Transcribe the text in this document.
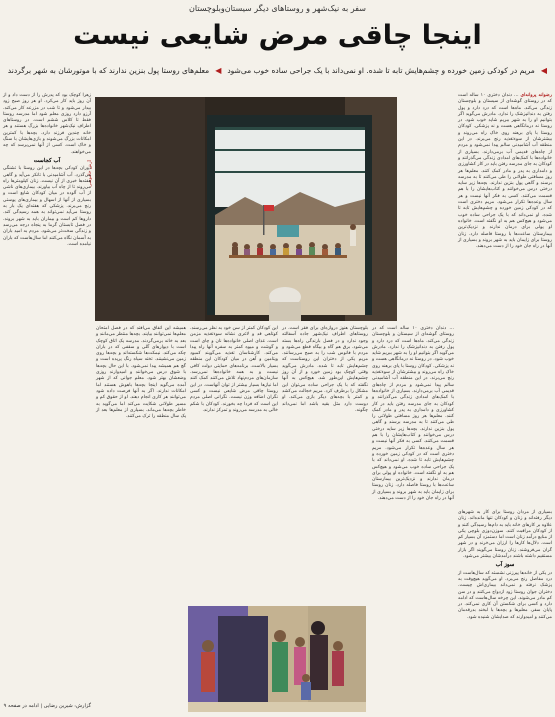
سفر به نیک‌شهر و روستاهای دیگر سیستان‌وبلوچستان
اینجا چاقی مرض شایعی نیست
◀
مریم در کودکی زمین خورده و چشم‌هایش تابه تا شده. او نمی‌داند با یک جراحی ساده خوب می‌شود
◀
معلم‌های روستا پول بنزین ندارند که با موتورشان به شهر برگردند
آرش خاموشی
رضوانه پروانه‌ای … دندان دختری ۱۰ ساله است که در روستای گوشه‌ای از سیستان و بلوچستان زندگی می‌کند. ماه‌ها است که درد دارد و پول رفتن به دندانپزشک را ندارد. مادرش می‌گوید اگر بتوانیم او را به شهر ببریم شاید خوب شود. در روستا نه درمانگاهی هست و نه پزشکی. کودکان روستا با پای برهنه روی خاک راه می‌روند و بیشترشان از سوءتغذیه رنج می‌برند. در این منطقه آب آشامیدنی سالم پیدا نمی‌شود و مردم از چاه‌های قدیمی آب برمی‌دارند. بسیاری از خانواده‌ها با کمک‌های امدادی زندگی می‌گذرانند و کودکان به جای مدرسه رفتن باید در کار کشاورزی و دامداری به پدر و مادر کمک کنند. معلم‌ها هر روز مسافتی طولانی را طی می‌کنند تا به مدرسه برسند و گاهی پول بنزین ندارند. بچه‌ها زیر سایه درختی درس می‌خوانند و کتاب‌هایشان را با هم قسمت می‌کنند. کسی به فکر آنها نیست و هر سال وعده‌ها تکرار می‌شود. مریم دختری است که در کودکی زمین خورده و چشم‌هایش تابه تا شده. او نمی‌داند که با یک جراحی ساده خوب می‌شود و هیچ‌کس هم به او نگفته است. خانواده او پولی برای درمان ندارند و نزدیک‌ترین بیمارستان ساعت‌ها با روستا فاصله دارد. زنان روستا برای زایمان باید به شهر بروند و بسیاری از آنها در راه جان خود را از دست می‌دهند.
بسیاری از مردان روستا برای کار به شهرهای دیگر رفته‌اند و زنان و کودکان تنها مانده‌اند. زنان علاوه بر کارهای خانه باید به دام‌ها رسیدگی کنند و از کودکان مراقبت کنند. سوزن‌دوزی بلوچی یکی از منابع درآمد زنان است اما دستمزد آن بسیار کم است. دلال‌ها کارها را ارزان می‌خرند و در شهر گران می‌فروشند. زنان روستا می‌گویند اگر بازار مستقیم داشته باشند درآمدشان بیشتر می‌شود.
سوز‌ آب
در یکی از خانه‌ها پیرزنی نشسته که سال‌هاست از درد مفاصل رنج می‌برد. او می‌گوید هیچ‌وقت به پزشک نرفته و نمی‌داند بیماری‌اش چیست. دختران جوان روستا زود ازدواج می‌کنند و در سن کم مادر می‌شوند. این چرخه سال‌هاست که ادامه دارد و کسی برای شکستن آن کاری نمی‌کند. در پایان سفر، معلم‌ها و بچه‌ها با لبخند بدرقه‌مان می‌کنند و امیدوارند که صدایشان شنیده شود.
… دندان دختری ۱۰ ساله است که در روستای گوشه‌ای از سیستان و بلوچستان زندگی می‌کند. ماه‌ها است که درد دارد و پول رفتن به دندانپزشک را ندارد. مادرش می‌گوید اگر بتوانیم او را به شهر ببریم شاید خوب شود. در روستا نه درمانگاهی هست و نه پزشکی. کودکان روستا با پای برهنه روی خاک راه می‌روند و بیشترشان از سوءتغذیه رنج می‌برند. در این منطقه آب آشامیدنی سالم پیدا نمی‌شود و مردم از چاه‌های قدیمی آب برمی‌دارند. بسیاری از خانواده‌ها با کمک‌های امدادی زندگی می‌گذرانند و کودکان به جای مدرسه رفتن باید در کار کشاورزی و دامداری به پدر و مادر کمک کنند. معلم‌ها هر روز مسافتی طولانی را طی می‌کنند تا به مدرسه برسند و گاهی پول بنزین ندارند. بچه‌ها زیر سایه درختی درس می‌خوانند و کتاب‌هایشان را با هم قسمت می‌کنند. کسی به فکر آنها نیست و هر سال وعده‌ها تکرار می‌شود. مریم دختری است که در کودکی زمین خورده و چشم‌هایش تابه تا شده. او نمی‌داند که با یک جراحی ساده خوب می‌شود و هیچ‌کس هم به او نگفته است. خانواده او پولی برای درمان ندارند و نزدیک‌ترین بیمارستان ساعت‌ها با روستا فاصله دارد. زنان روستا برای زایمان باید به شهر بروند و بسیاری از آنها در راه جان خود را از دست می‌دهند.
بلوچستان هنوز دروازه‌ای برای فقر است. در روستاهای اطراف نیک‌شهر جاده آسفالته وجود ندارد و در فصل بارندگی راه‌ها بسته می‌شود. برق هم گاه و بیگاه قطع می‌شود و مردم با فانوس شب را به صبح می‌رسانند. مریم یکی از دختران این روستاست که چشم‌هایش تابه تا شده. مادرش می‌گوید وقتی کوچک بود زمین خورد و از آن روز چشم‌هایش این‌طور شد. هیچ‌کس به آنها نگفته که با یک جراحی ساده می‌توان این مشکل را برطرف کرد. مریم خجالت می‌کشد و کمتر با بچه‌های دیگر بازی می‌کند. او دوست دارد مثل بقیه باشد اما نمی‌داند چگونه.
این کودکان کمتر از سن خود به نظر می‌رسند. کوتاهی قد و لاغری نشانه سوءتغذیه مزمن است. غذای اصلی خانواده‌ها نان و چای است و گوشت و میوه کمتر به سفره آنها راه پیدا می‌کند. کارشناسان تغذیه می‌گویند کمبود ویتامین و آهن در میان کودکان این منطقه بسیار بالاست. برنامه‌های حمایتی دولت کافی نیست و به همه خانواده‌ها نمی‌رسد. سازمان‌های مردم‌نهاد تلاش می‌کنند کمک کنند اما نیازها بسیار بیشتر از توان آنهاست. در این روستا چاقی مرض شایعی نیست و کسی نگران اضافه وزن نیست. نگرانی اصلی مردم این است که فردا چه بخورند. کودکان با شکم خالی به مدرسه می‌روند و تمرکز ندارند.
همیشه این اتفاق می‌افتد که در فصل امتحان معلم‌ها نمی‌توانند بیایند. بچه‌ها منتظر می‌مانند و بعد به خانه برمی‌گردند. مدرسه یک اتاق کوچک است با دیوارهای گلی و سقفی که در باران چکه می‌کند. نیمکت‌ها شکسته‌اند و بچه‌ها روی زمین می‌نشینند. تخته سیاه رنگ پریده است و گچ هم همیشه پیدا نمی‌شود. با این حال بچه‌ها با شوق درس می‌خوانند و امیدوارند روزی وضعشان بهتر شود. معلم جوانی که از شهر آمده می‌گوید اینجا بچه‌ها باهوش هستند اما امکانات ندارند. اگر به آنها فرصت داده شود می‌توانند هر کاری انجام دهند. او از حقوق کم و مسیر طولانی شکایت می‌کند اما می‌گوید به خاطر بچه‌ها می‌ماند. بسیاری از معلم‌ها بعد از یک سال منطقه را ترک می‌کنند.
زهرا کوچک بود که پدرش را از دست داد و از آن روز باید کار می‌کرد. او هر روز صبح زود بیدار می‌شود و تا شب در مزرعه کار می‌کند. آرزو دارد روزی معلم شود اما مدرسه روستا فقط تا کلاس ششم است. در روستاهای اطراف نیک‌شهر خانواده‌ها بزرگ هستند و هر خانه چندین فرزند دارد. بچه‌ها با کمترین امکانات بزرگ می‌شوند و بازی‌هایشان با سنگ و خاک است. کسی از آنها نمی‌پرسد که چه می‌خواهند.
آب کجاست
دوران کودکی بچه‌ها در این روستا با تشنگی می‌گذرد. آب آشامیدنی با تانکر می‌آید و گاهی هفته‌ها خبری از آن نیست. زنان کیلومترها راه می‌روند تا از چاه آب بیاورند. بیماری‌های ناشی از آب آلوده در میان کودکان شایع است و بسیاری از آنها از اسهال و بیماری‌های پوستی رنج می‌برند. پزشکی که هفته‌ای یک بار به روستا می‌آید نمی‌تواند به همه رسیدگی کند. داروها کم است و بیماران باید به شهر بروند. در فصل تابستان گرما به پنجاه درجه می‌رسد و زندگی سخت‌تر می‌شود. مردم به امید باران به آسمان نگاه می‌کنند اما سال‌هاست که باران نیامده است.
گزارش: شیرین رضایی | ادامه در صفحه ۹
